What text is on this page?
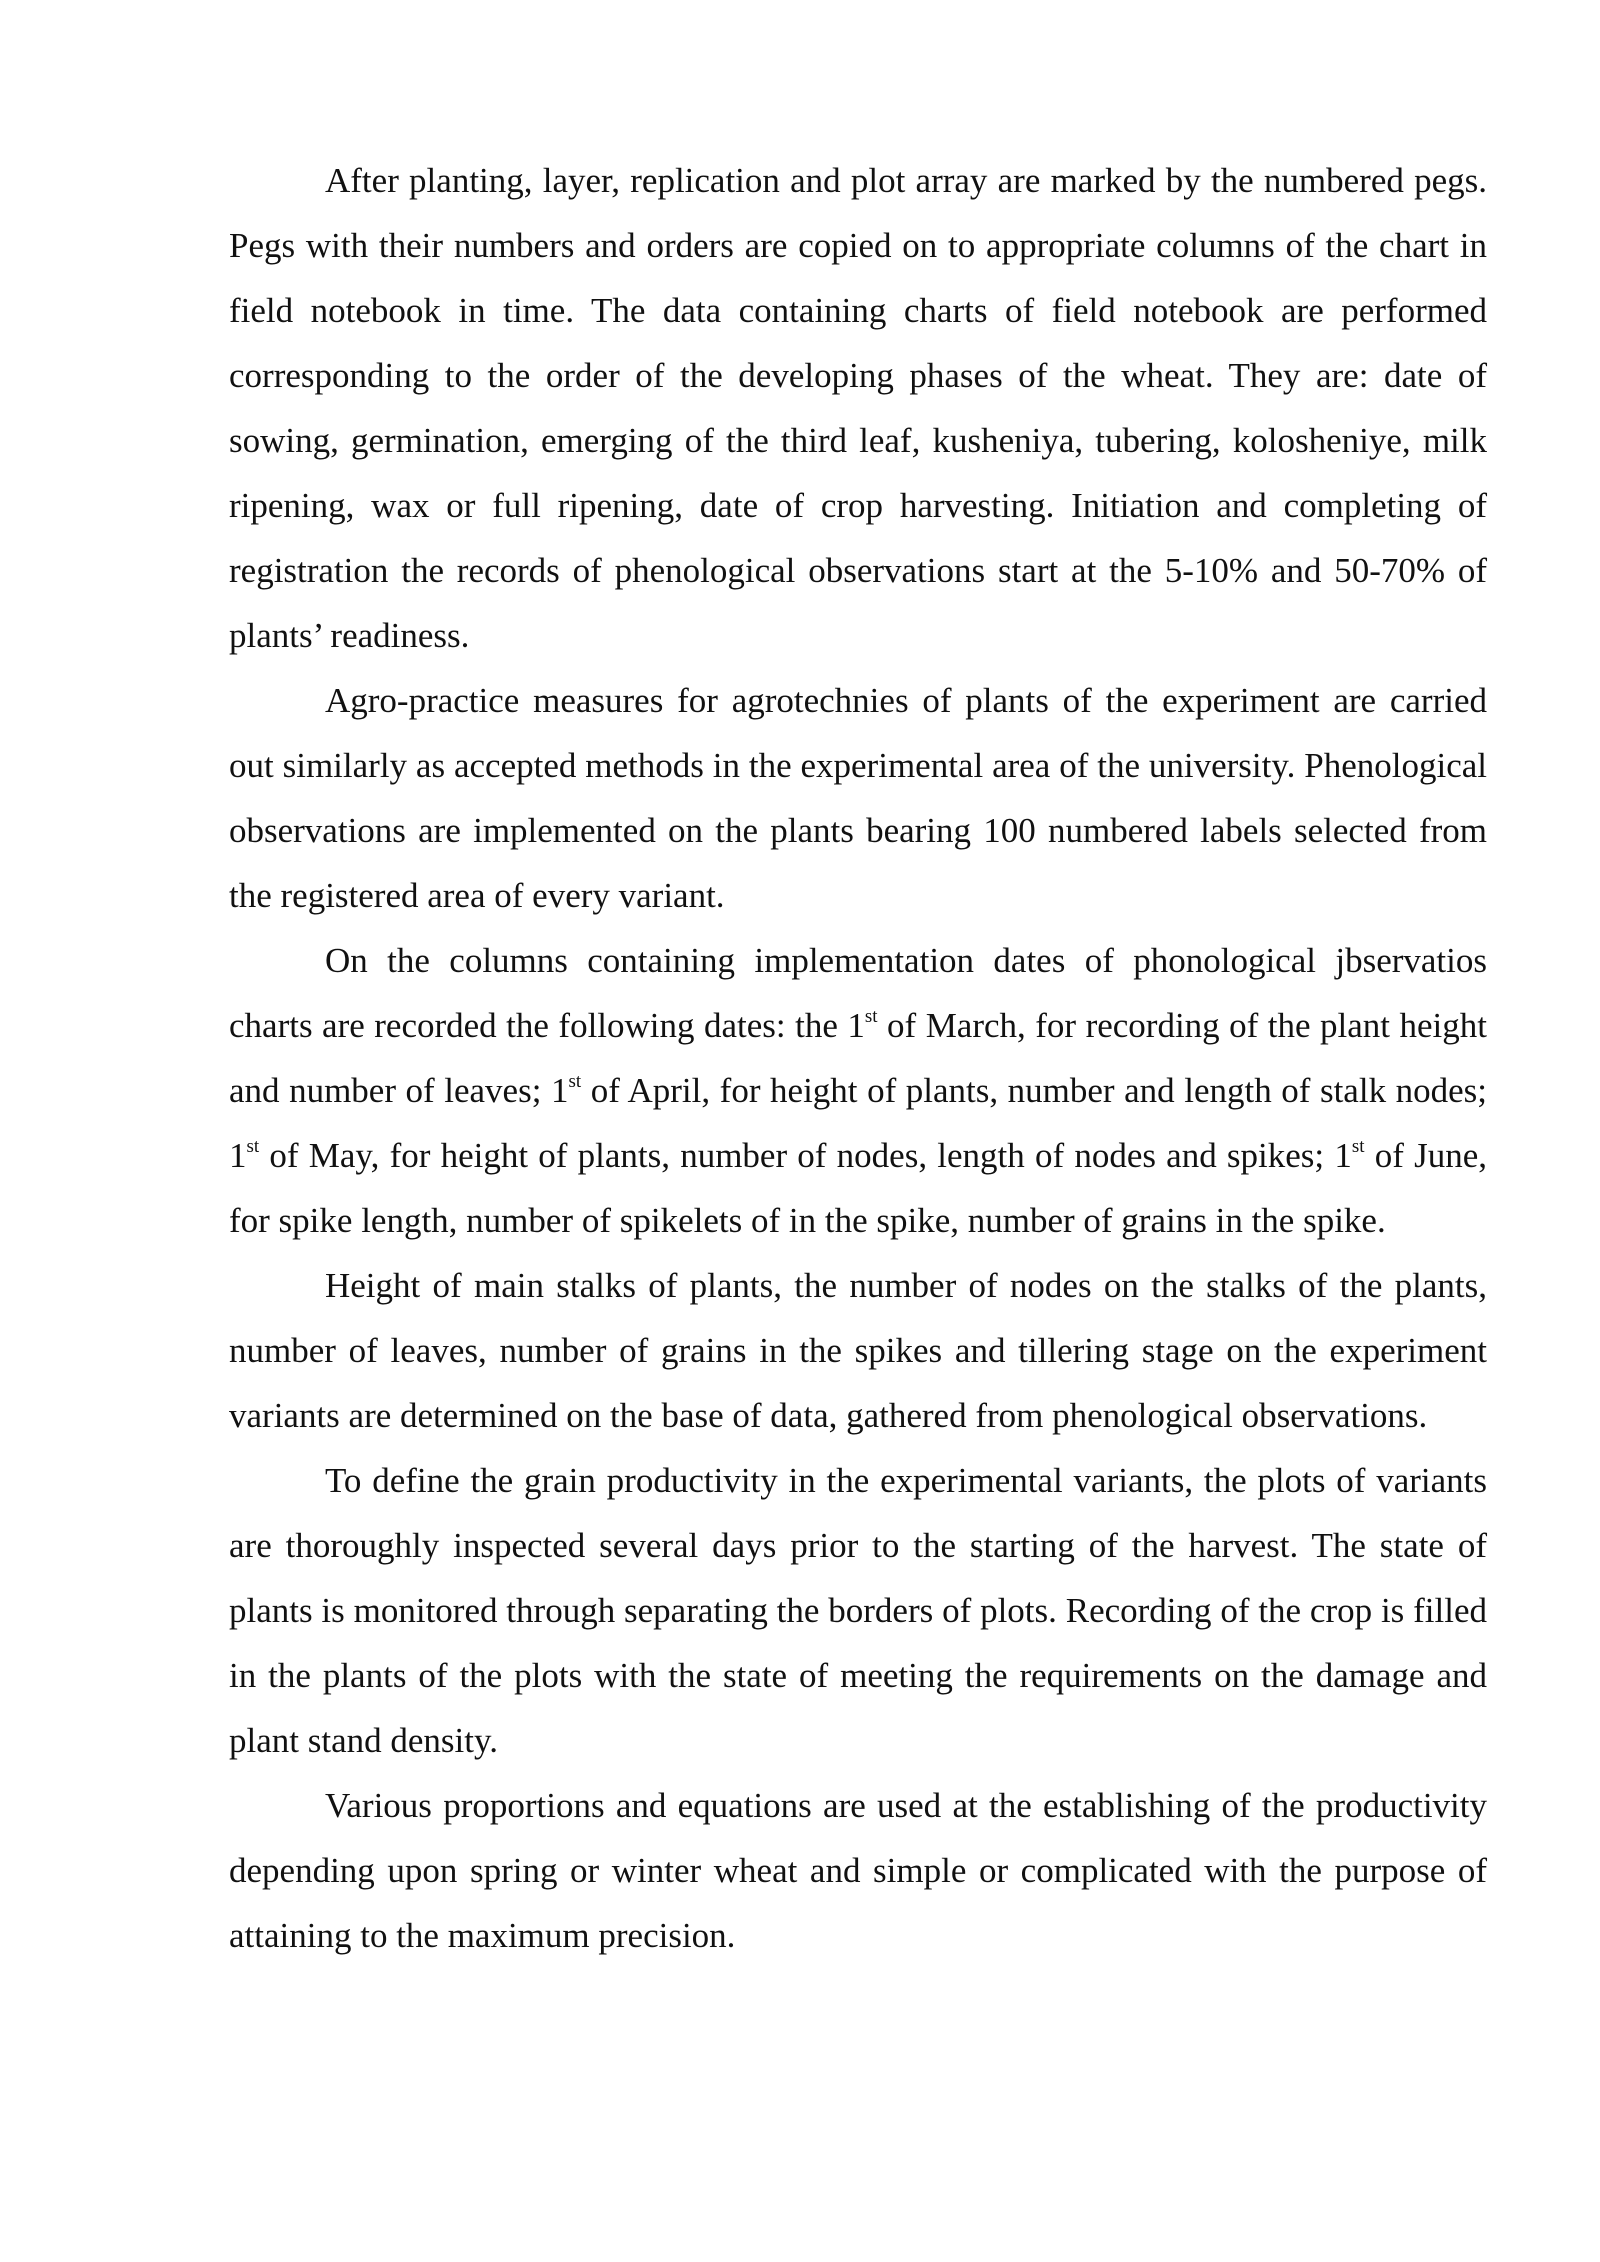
After planting, layer, replication and plot array are marked by the numbered pegs. Pegs with their numbers and orders are copied on to appropriate columns of the chart in field notebook in time. The data containing charts of field notebook are performed corresponding to the order of the developing phases of the wheat. They are: date of sowing, germination, emerging of the third leaf, kusheniya, tubering, kolosheniye, milk ripening, wax or full ripening, date of crop harvesting. Initiation and completing of registration the records of phenological observations start at the 5-10% and 50-70% of plants’ readiness.

Agro-practice measures for agrotechnies of plants of the experiment are carried out similarly as accepted methods in the experimental area of the university. Phenological observations are implemented on the plants bearing 100 numbered labels selected from the registered area of every variant.

On the columns containing implementation dates of phonological jbservatios charts are recorded the following dates: the 1st of March, for recording of the plant height and number of leaves; 1st of April, for height of plants, number and length of stalk nodes; 1st of May, for height of plants, number of nodes, length of nodes and spikes; 1st of June, for spike length, number of spikelets of in the spike, number of grains in the spike.

Height of main stalks of plants, the number of nodes on the stalks of the plants, number of leaves, number of grains in the spikes and tillering stage on the experiment variants are determined on the base of data, gathered from phenological observations.

To define the grain productivity in the experimental variants, the plots of variants are thoroughly inspected several days prior to the starting of the harvest. The state of plants is monitored through separating the borders of plots. Recording of the crop is filled in the plants of the plots with the state of meeting the requirements on the damage and plant stand density.

Various proportions and equations are used at the establishing of the productivity depending upon spring or winter wheat and simple or complicated with the purpose of attaining to the maximum precision.
